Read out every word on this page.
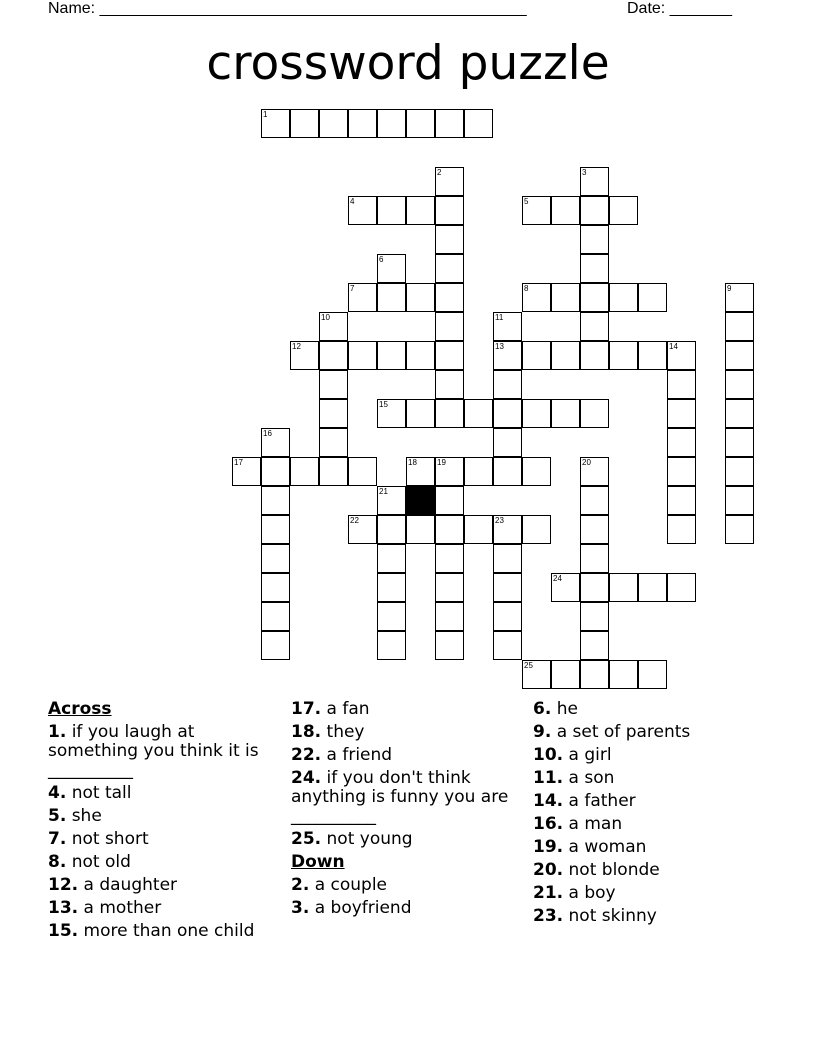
Name: ________________________________________________	Date: _______
crossword puzzle
1
4	5
7	8
12	13	14
15
17	18	19
22	23
24
25
2	3
6
9
10	11
16
20
21
Across
1. if you laugh at something you think it is __________
4. not tall
5. she
7. not short
8. not old
12. a daughter
13. a mother
15. more than one child
17. a fan
18. they
22. a friend
24. if you don't think anything is funny you are __________
25. not young
Down
2. a couple
3. a boyfriend
6. he
9. a set of parents
10. a girl
11. a son
14. a father
16. a man
19. a woman
20. not blonde
21. a boy
23. not skinny
